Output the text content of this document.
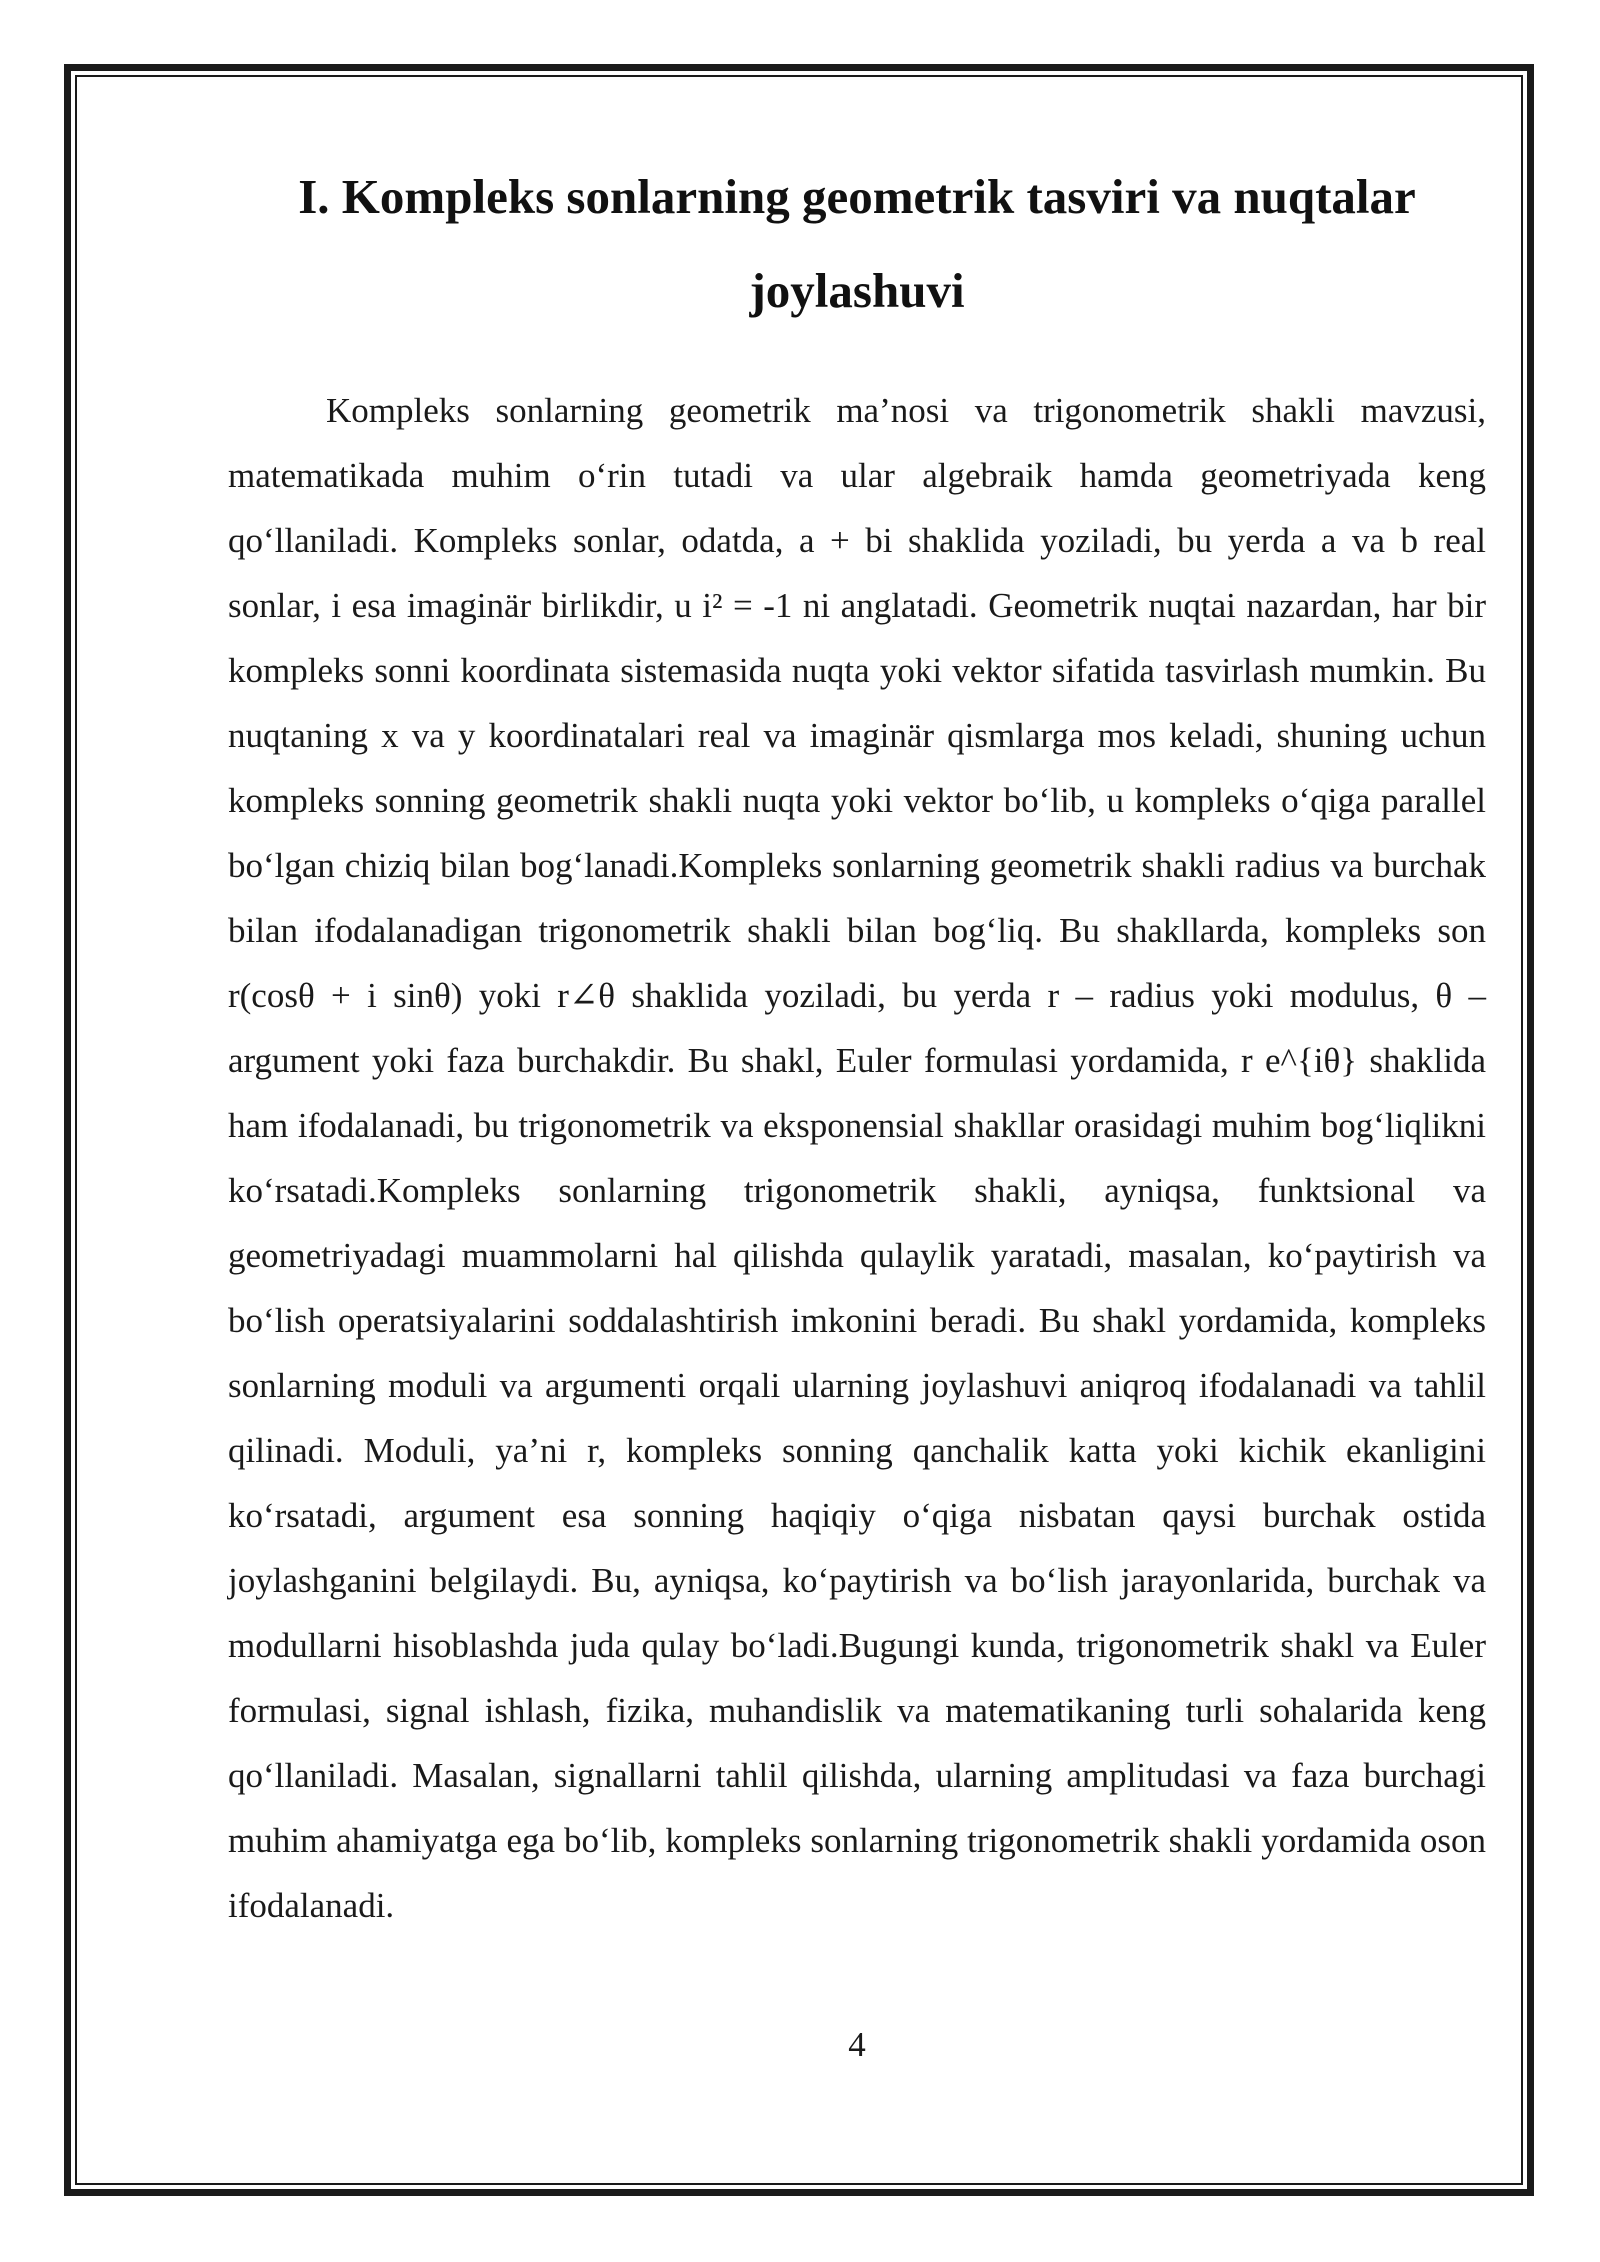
I. Kompleks sonlarning geometrik tasviri va nuqtalar joylashuvi

Kompleks sonlarning geometrik ma’nosi va trigonometrik shakli mavzusi, matematikada muhim o‘rin tutadi va ular algebraik hamda geometriyada keng qo‘llaniladi. Kompleks sonlar, odatda, a + bi shaklida yoziladi, bu yerda a va b real sonlar, i esa imaginär birlikdir, u i² = -1 ni anglatadi. Geometrik nuqtai nazardan, har bir kompleks sonni koordinata sistemasida nuqta yoki vektor sifatida tasvirlash mumkin. Bu nuqtaning x va y koordinatalari real va imaginär qismlarga mos keladi, shuning uchun kompleks sonning geometrik shakli nuqta yoki vektor bo‘lib, u kompleks o‘qiga parallel bo‘lgan chiziq bilan bog‘lanadi.Kompleks sonlarning geometrik shakli radius va burchak bilan ifodalanadigan trigonometrik shakli bilan bog‘liq. Bu shakllarda, kompleks son r(cosθ + i sinθ) yoki r∠θ shaklida yoziladi, bu yerda r – radius yoki modulus, θ – argument yoki faza burchakdir. Bu shakl, Euler formulasi yordamida, r e^{iθ} shaklida ham ifodalanadi, bu trigonometrik va eksponensial shakllar orasidagi muhim bog‘liqlikni ko‘rsatadi.Kompleks sonlarning trigonometrik shakli, ayniqsa, funktsional va geometriyadagi muammolarni hal qilishda qulaylik yaratadi, masalan, ko‘paytirish va bo‘lish operatsiyalarini soddalashtirish imkonini beradi. Bu shakl yordamida, kompleks sonlarning moduli va argumenti orqali ularning joylashuvi aniqroq ifodalanadi va tahlil qilinadi. Moduli, ya’ni r, kompleks sonning qanchalik katta yoki kichik ekanligini ko‘rsatadi, argument esa sonning haqiqiy o‘qiga nisbatan qaysi burchak ostida joylashganini belgilaydi. Bu, ayniqsa, ko‘paytirish va bo‘lish jarayonlarida, burchak va modullarni hisoblashda juda qulay bo‘ladi.Bugungi kunda, trigonometrik shakl va Euler formulasi, signal ishlash, fizika, muhandislik va matematikaning turli sohalarida keng qo‘llaniladi. Masalan, signallarni tahlil qilishda, ularning amplitudasi va faza burchagi muhim ahamiyatga ega bo‘lib, kompleks sonlarning trigonometrik shakli yordamida oson ifodalanadi.

4
